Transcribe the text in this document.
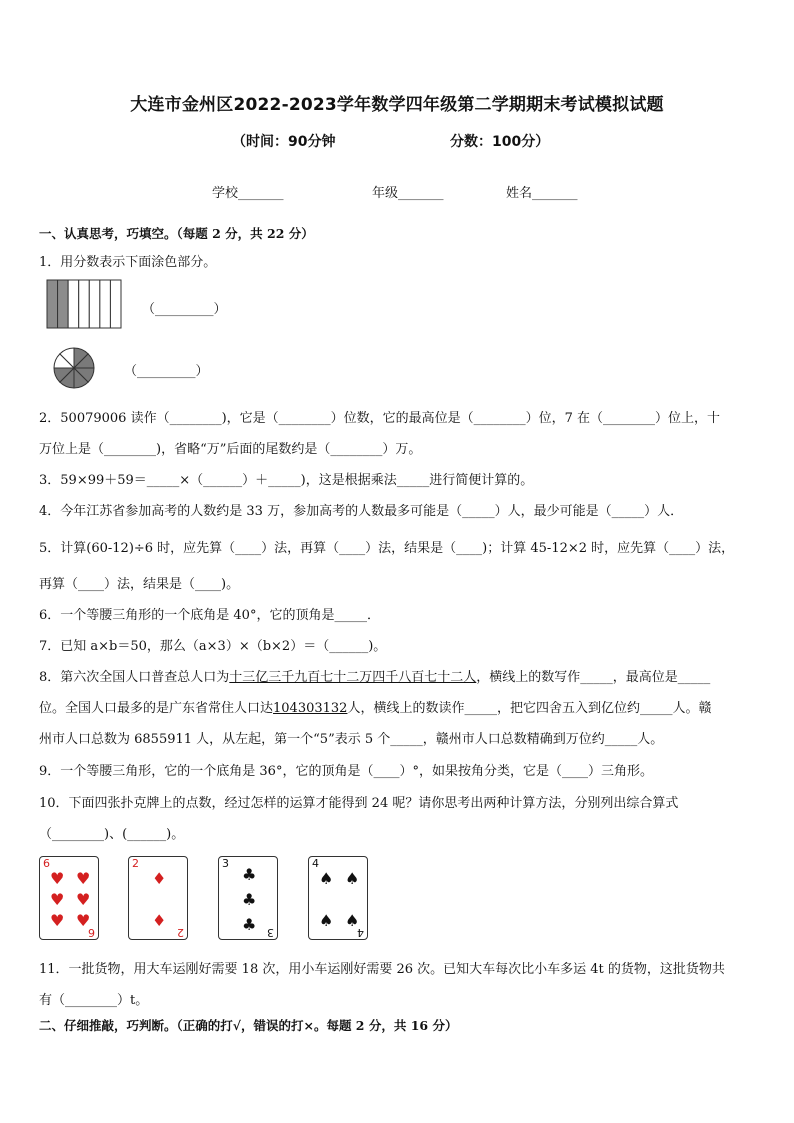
大连市金州区2022-2023学年数学四年级第二学期期末考试模拟试题
（时间：90分钟	分数：100分）
学校_______	年级_______	姓名_______
一、认真思考，巧填空。（每题 2 分，共 22 分）
1．用分数表示下面涂色部分。
（_________）
（_________）
2．50079006 读作（________)，它是（________）位数，它的最高位是（________）位，7 在（________）位上，十
万位上是（________)，省略“万”后面的尾数约是（________）万。
3．59×99＋59＝_____×（______）＋_____)，这是根据乘法_____进行简便计算的。
4．今年江苏省参加高考的人数约是 33 万，参加高考的人数最多可能是（_____）人，最少可能是（_____）人．
5．计算(60-12)÷6 时，应先算（____）法，再算（____）法，结果是（____)；计算 45-12×2 时，应先算（____）法，
再算（____）法，结果是（____)。
6．一个等腰三角形的一个底角是 40°，它的顶角是_____．
7．已知 a×b＝50，那么（a×3）×（b×2）＝（______)。
8．第六次全国人口普查总人口为十三亿三千九百七十二万四千八百七十二人，横线上的数写作_____，最高位是_____
位。全国人口最多的是广东省常住人口达104303132人，横线上的数读作_____，把它四舍五入到亿位约_____人。赣
州市人口总数为 6855911 人，从左起，第一个“5”表示 5 个_____，赣州市人口总数精确到万位约_____人。
9．一个等腰三角形，它的一个底角是 36°，它的顶角是（____）°，如果按角分类，它是（____）三角形。
10．下面四张扑克牌上的点数，经过怎样的运算才能得到 24 呢？请你思考出两种计算方法，分别列出综合算式
（________)、(______)。
6
6
♥ ♥
♥ ♥
♥ ♥
2
2
♦
♦
3
3
♣
♣
♣
4
4
♠ ♠
♠ ♠
11．一批货物，用大车运刚好需要 18 次，用小车运刚好需要 26 次。已知大车每次比小车多运 4t 的货物，这批货物共
有（________）t。
二、仔细推敲，巧判断。（正确的打√，错误的打×。每题 2 分，共 16 分）
